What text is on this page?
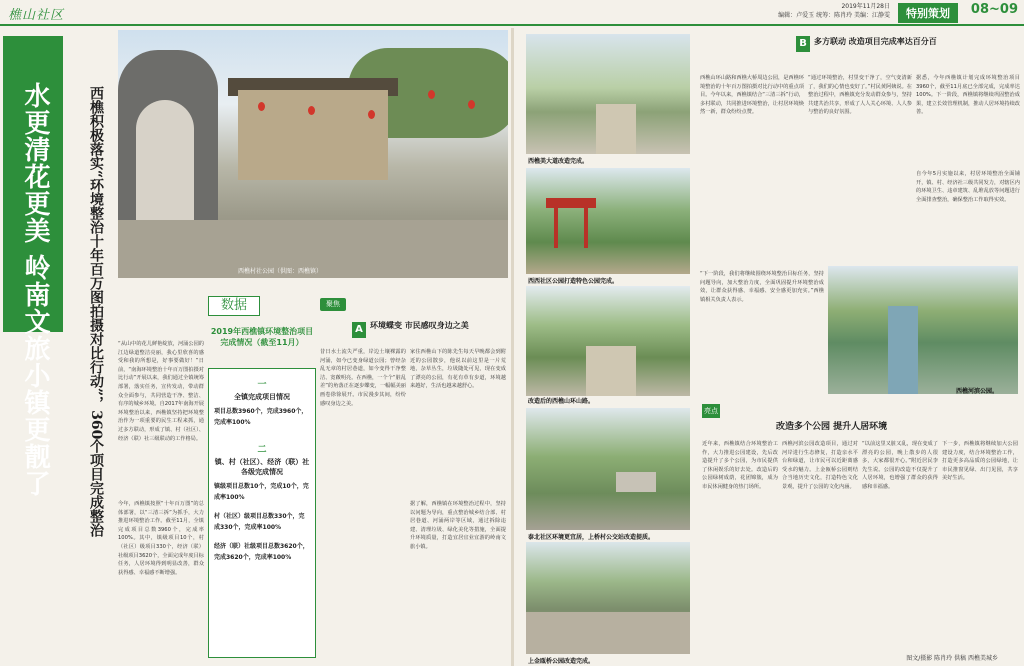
樵山社区
2019年11月28日
编辑：卢爱玉 统筹：陈肖玲 美编：江静雯	特别策划	08~09
水更清花更美 岭南文旅小镇更靓了	西樵积极落实“环境整治十年百万图拍摄对比行动”，360个项目完成整治	西樵村社公园（供图：西樵镇）
“从山中的花儿鲜艳绽放，河涌公园的江边绿道整洁亮丽，我心里欣喜的感受和我的所想是，好事要做好！”日前，“南海环境整治十年百万图拍摄对比行动”开展以来，我们通过全镇统筹部署，落实任务，宣传发动，带动群众全面参与，共同营造干净、整洁、有序的城乡环境。自2017年南海开展环境整治以来，西樵镇坚持把环境整治作为一项重要的民生工程来抓，通过多方联动，形成了镇、村（社区）、经济（联）社三级联动的工作格局。
今年，西樵镇按照“十年百万图”的总体部署，以“三清三拆”为抓手，大力推进环境整治工作。截至11月，全镇完成项目总数3960个，完成率100%。其中，镇级项目10个，村（社区）级项目330个，经济（联）社级项目3620个，全面完成年度目标任务，人居环境得到明显改善，群众获得感、幸福感不断增强。
数据
2019年西樵镇环境整治项目完成情况（截至11月）
一
全镇完成项目情况
项目总数3960个，完成3960个，完成率100%
二
镇、村（社区）、经济（联）社各级完成情况
镇级项目总数10个，完成10个，完成率100%
村（社区）级项目总数330个，完成330个，完成率100%
经济（联）社级项目总数3620个，完成3620个，完成率100%
聚焦
A 环境蝶变 市民感叹身边之美
昔日水土流失严重，岸边土壤裸露的河涌，如今已变身绿道公园；曾经杂乱无章的村居巷道，如今变得干净整洁、宽敞明亮。在西樵，一个个“脏乱差”的角落正在逐步蝶变，一幅幅美丽画卷徐徐展开。市民漫步其间，纷纷感叹身边之美。
家住西樵山下的陈先生每天早晚都会到附近的公园散步，他说以前这里是一片荒地，杂草丛生，垃圾随处可见，现在变成了漂亮的公园，有花有草有步道，环境越来越好，生活也越来越舒心。
据了解，西樵镇在环境整治过程中，坚持以问题为导向，重点整治城乡结合部、村居巷道、河涌两岸等区域，通过拆除违建、清理垃圾、绿化美化等措施，全面提升环境质量，打造宜居宜业宜游的岭南文旅小镇。
B 多方联动 改造项目完成率达百分百
西樵美大道改造完成。
西西社区公园打造特色公园完成。
改造后的西樵山环山路。
泰北社区环境更宜居，上桥村公交站改造提质。
上金瓯桥公园改造完成。
西樵山环山路和西樵大桥周边公园，是西樵环境整治的十年百万图拍摄对比行动中的重点项目。今年以来，西樵镇结合“三清三拆”行动，多村联动，共同推进环境整治，让村居环境焕然一新，群众纷纷点赞。
“通过环境整治，村里变干净了，空气变清新了，我们的心情也变好了。”村民黄阿姨说。在整治过程中，西樵镇充分发动群众参与，坚持共建共治共享，形成了人人关心环境、人人参与整治的良好氛围。
据悉，今年西樵镇计划完成环境整治项目3960个，截至11月底已全部完成，完成率达100%。下一阶段，西樵镇将继续巩固整治成果，建立长效管理机制，推动人居环境持续改善。
自今年5月实施以来，村居环境整治全面铺开，镇、村、经济社三级共同发力，对辖区内的环境卫生、违章建筑、乱堆乱放等问题进行全面排查整治，确保整治工作取得实效。
“下一阶段，我们将继续围绕环境整治目标任务，坚持问题导向，加大整治力度，全面巩固提升环境整治成效，让群众获得感、幸福感、安全感更加充实。”西樵镇相关负责人表示。
西樵河滨公园。
亮点
改造多个公园 提升人居环境
近年来，西樵镇结合环境整治工作，大力推进公园建设，先后改造提升了多个公园，为市民提供了休闲娱乐的好去处。改造后的公园绿树成荫，花团锦簇，成为市民休闲健身的热门场所。
西樵河滨公园改造项目，通过对河岸进行生态修复，打造亲水平台和绿道，让市民可以近距离感受水的魅力。上金瓯桥公园则结合当地历史文化，打造特色文化景观，提升了公园的文化内涵。
“以前这里又脏又乱，现在变成了漂亮的公园，晚上散步的人很多，大家都很开心。”附近居民李先生说。公园的改造不仅提升了人居环境，也增强了群众的获得感和幸福感。
下一步，西樵镇将继续加大公园建设力度，结合环境整治工作，打造更多高品质的公园绿地，让市民推窗见绿、出门见园，共享美好生活。
图文/摄影 陈肖玲 供稿 西樵美城乡
